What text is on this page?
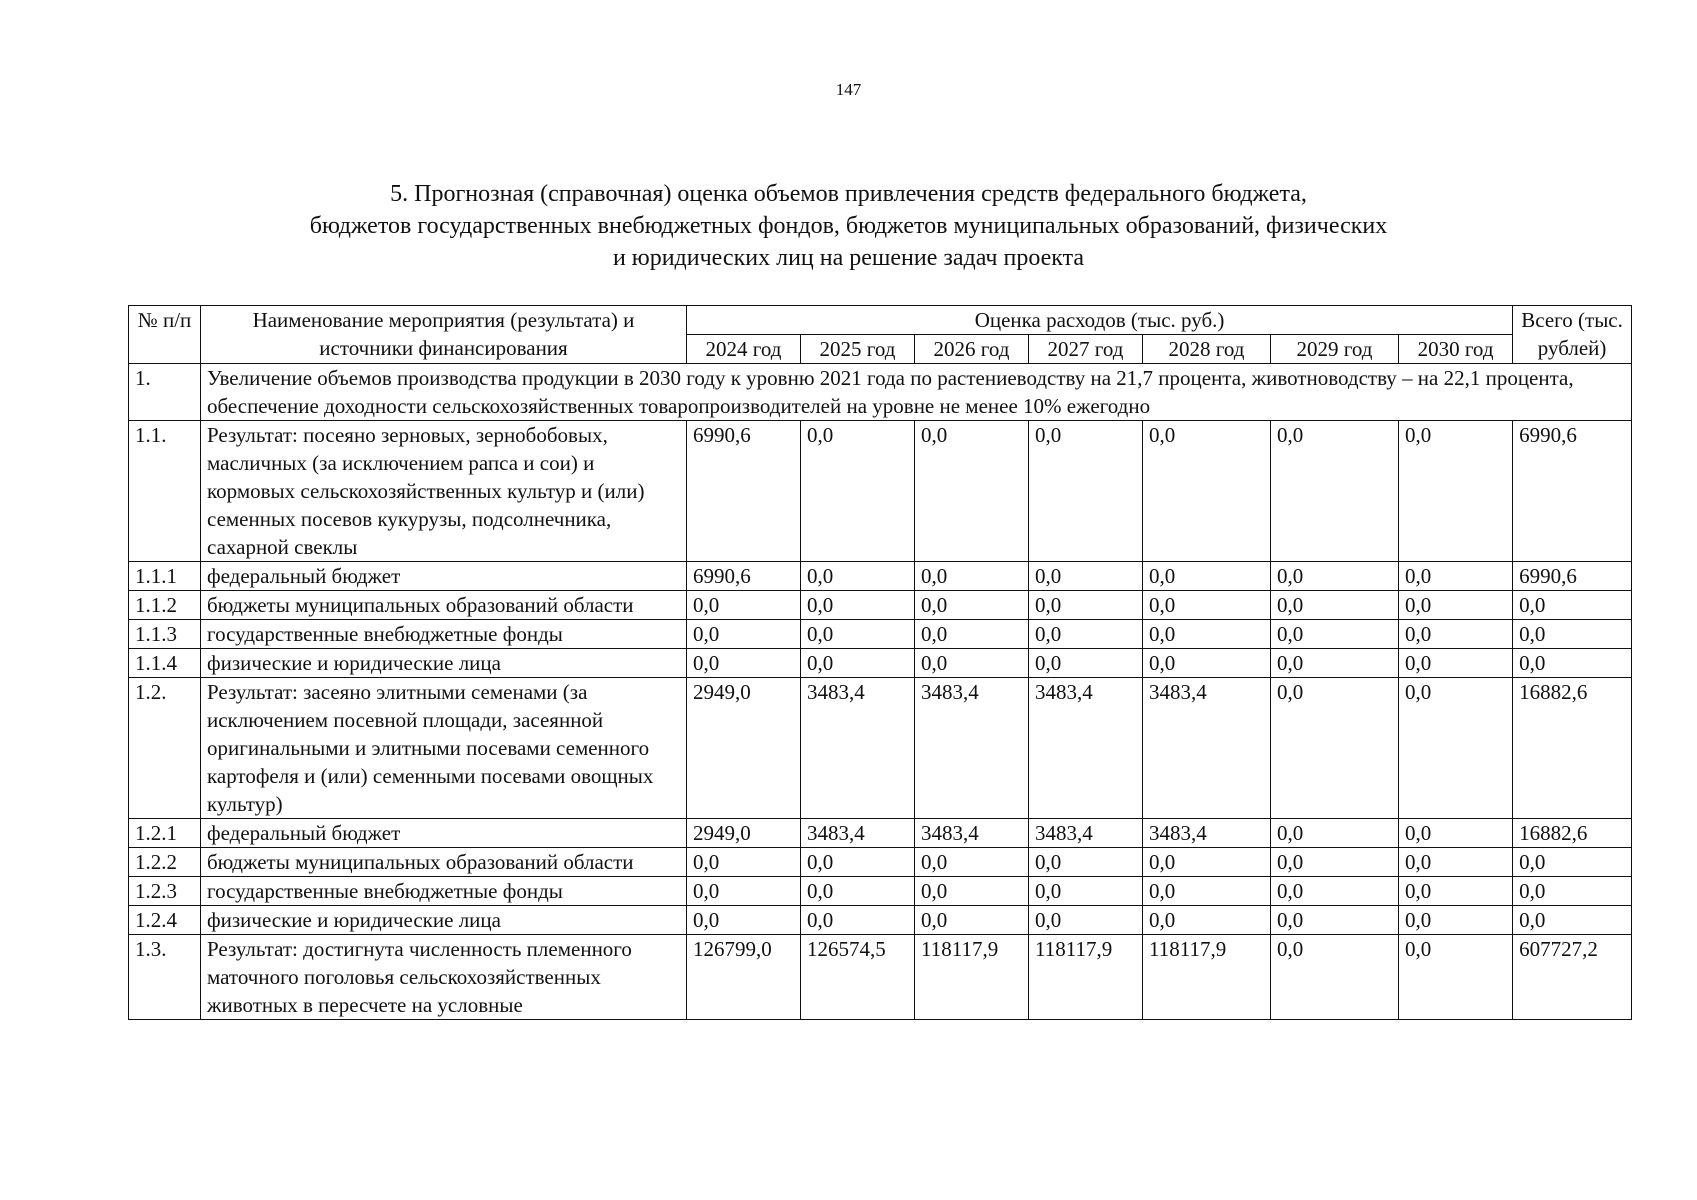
147
5. Прогнозная (справочная) оценка объемов привлечения средств федерального бюджета,
бюджетов государственных внебюджетных фондов, бюджетов муниципальных образований, физических
и юридических лиц на решение задач проекта
№ п/п	Наименование мероприятия (результата) и источники финансирования	Оценка расходов (тыс. руб.)							Всего (тыс. рублей)
		2024 год	2025 год	2026 год	2027 год	2028 год	2029 год	2030 год	
1.	Увеличение объемов производства продукции в 2030 году к уровню 2021 года по растениеводству на 21,7 процента, животноводству – на 22,1 процента, обеспечение доходности сельскохозяйственных товаропроизводителей на уровне не менее 10% ежегодно								
1.1.	Результат: посеяно зерновых, зернобобовых, масличных (за исключением рапса и сои) и кормовых сельскохозяйственных культур и (или) семенных посевов кукурузы, подсолнечника, сахарной свеклы	6990,6	0,0	0,0	0,0	0,0	0,0	0,0	6990,6
1.1.1	федеральный бюджет	6990,6	0,0	0,0	0,0	0,0	0,0	0,0	6990,6
1.1.2	бюджеты муниципальных образований области	0,0	0,0	0,0	0,0	0,0	0,0	0,0	0,0
1.1.3	государственные внебюджетные фонды	0,0	0,0	0,0	0,0	0,0	0,0	0,0	0,0
1.1.4	физические и юридические лица	0,0	0,0	0,0	0,0	0,0	0,0	0,0	0,0
1.2.	Результат: засеяно элитными семенами (за исключением посевной площади, засеянной оригинальными и элитными посевами семенного картофеля и (или) семенными посевами овощных культур)	2949,0	3483,4	3483,4	3483,4	3483,4	0,0	0,0	16882,6
1.2.1	федеральный бюджет	2949,0	3483,4	3483,4	3483,4	3483,4	0,0	0,0	16882,6
1.2.2	бюджеты муниципальных образований области	0,0	0,0	0,0	0,0	0,0	0,0	0,0	0,0
1.2.3	государственные внебюджетные фонды	0,0	0,0	0,0	0,0	0,0	0,0	0,0	0,0
1.2.4	физические и юридические лица	0,0	0,0	0,0	0,0	0,0	0,0	0,0	0,0
1.3.	Результат: достигнута численность племенного маточного поголовья сельскохозяйственных животных в пересчете на условные	126799,0	126574,5	118117,9	118117,9	118117,9	0,0	0,0	607727,2
